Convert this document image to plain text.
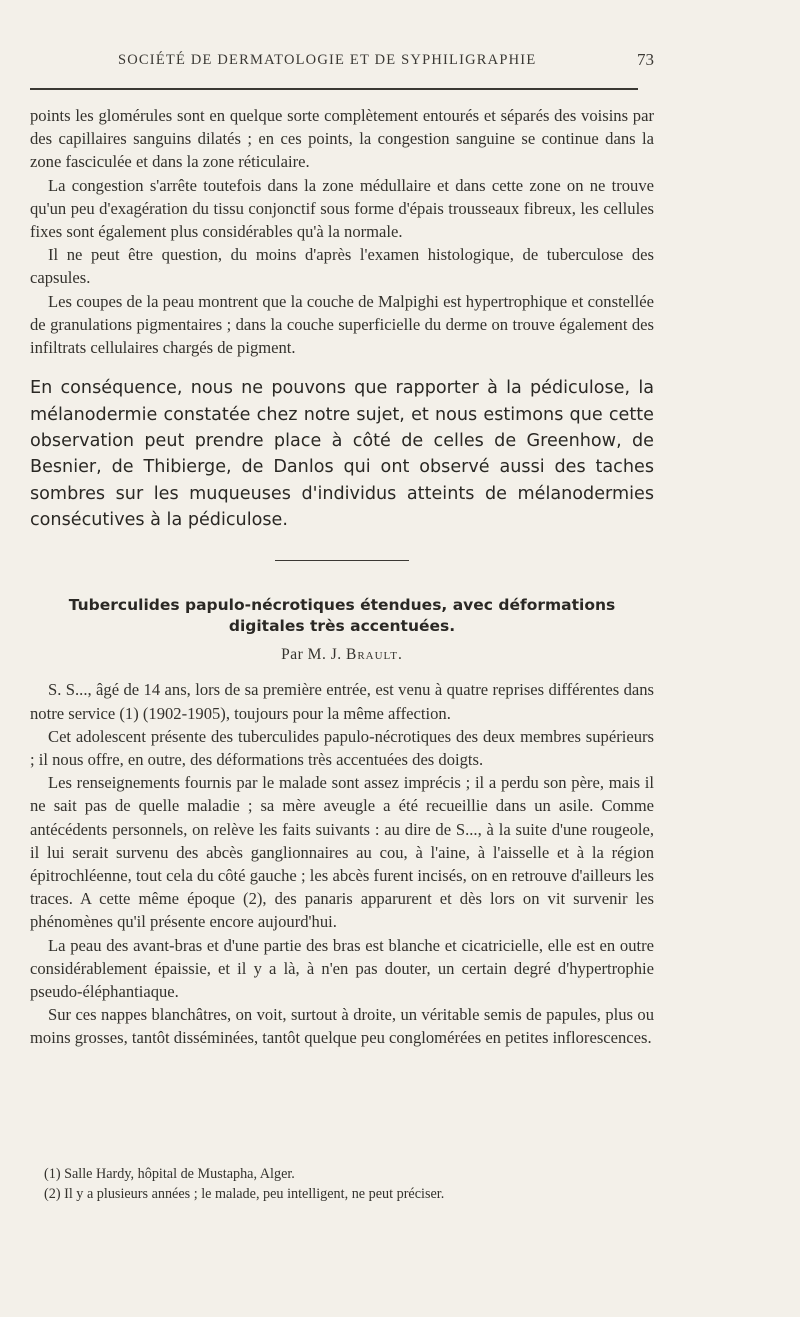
SOCIÉTÉ DE DERMATOLOGIE ET DE SYPHILIGRAPHIE	73

points les glomérules sont en quelque sorte complètement entourés et séparés des voisins par des capillaires sanguins dilatés ; en ces points, la congestion sanguine se continue dans la zone fasciculée et dans la zone réticulaire.

La congestion s'arrête toutefois dans la zone médullaire et dans cette zone on ne trouve qu'un peu d'exagération du tissu conjonctif sous forme d'épais trousseaux fibreux, les cellules fixes sont également plus considérables qu'à la normale.

Il ne peut être question, du moins d'après l'examen histologique, de tuberculose des capsules.

Les coupes de la peau montrent que la couche de Malpighi est hypertrophique et constellée de granulations pigmentaires ; dans la couche superficielle du derme on trouve également des infiltrats cellulaires chargés de pigment.

En conséquence, nous ne pouvons que rapporter à la pédiculose, la mélanodermie constatée chez notre sujet, et nous estimons que cette observation peut prendre place à côté de celles de Greenhow, de Besnier, de Thibierge, de Danlos qui ont observé aussi des taches sombres sur les muqueuses d'individus atteints de mélanodermies consécutives à la pédiculose.

Tuberculides papulo-nécrotiques étendues, avec déformations digitales très accentuées.
Par M. J. Brault.

S. S..., âgé de 14 ans, lors de sa première entrée, est venu à quatre reprises différentes dans notre service (1) (1902-1905), toujours pour la même affection.

Cet adolescent présente des tuberculides papulo-nécrotiques des deux membres supérieurs ; il nous offre, en outre, des déformations très accentuées des doigts.

Les renseignements fournis par le malade sont assez imprécis ; il a perdu son père, mais il ne sait pas de quelle maladie ; sa mère aveugle a été recueillie dans un asile. Comme antécédents personnels, on relève les faits suivants : au dire de S..., à la suite d'une rougeole, il lui serait survenu des abcès ganglionnaires au cou, à l'aine, à l'aisselle et à la région épitrochléenne, tout cela du côté gauche ; les abcès furent incisés, on en retrouve d'ailleurs les traces. A cette même époque (2), des panaris apparurent et dès lors on vit survenir les phénomènes qu'il présente encore aujourd'hui.

La peau des avant-bras et d'une partie des bras est blanche et cicatricielle, elle est en outre considérablement épaissie, et il y a là, à n'en pas douter, un certain degré d'hypertrophie pseudo-éléphantiaque.

Sur ces nappes blanchâtres, on voit, surtout à droite, un véritable semis de papules, plus ou moins grosses, tantôt disséminées, tantôt quelque peu conglomérées en petites inflorescences.

(1) Salle Hardy, hôpital de Mustapha, Alger.

(2) Il y a plusieurs années ; le malade, peu intelligent, ne peut préciser.
